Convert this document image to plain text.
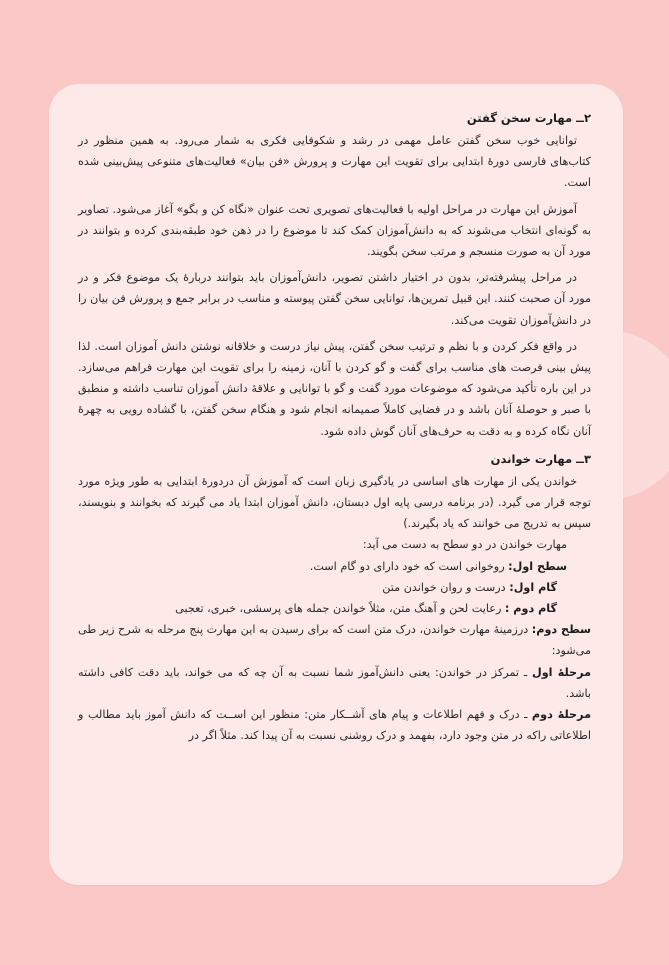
۲ــ مهارت سخن گفتن

توانایی خوب سخن گفتن عامل مهمی در رشد و شکوفایی فکری به شمار می‌رود. به همین منظور در کتاب‌های فارسی دورهٔ ابتدایی برای تقویت این مهارت و پرورش «فن بیان» فعالیت‌های متنوعی پیش‌بینی شده است.

آموزش این مهارت در مراحل اولیه با فعالیت‌های تصویری تحت عنوان «نگاه کن و بگو» آغاز می‌شود. تصاویر به گونه‌ای انتخاب می‌شوند که به دانش‌آموزان کمک کند تا موضوع را در ذهن خود طبقه‌بندی کرده و بتوانند در مورد آن به صورت منسجم و مرتب سخن بگویند.

در مراحل پیشرفته‌تر، بدون در اختیار داشتن تصویر، دانش‌آموزان باید بتوانند دربارهٔ یک موضوع فکر و در مورد آن صحبت کنند. این قبیل تمرین‌ها، توانایی سخن گفتن پیوسته و مناسب در برابر جمع و پرورش فن بیان را در دانش‌آموزان تقویت می‌کند.

در واقع فکر کردن و با نظم و ترتیب سخن گفتن، پیش نیاز درست و خلاقانه نوشتن دانش آموزان است. لذا پیش بینی فرصت های مناسب برای گفت و گو کردن با آنان، زمینه را برای تقویت این مهارت فراهم می‌سازد. در این باره تأکید می‌شود که موضوعات مورد گفت و گو با توانایی و علاقهٔ دانش آموزان تناسب داشته و منطبق با صبر و حوصلهٔ آنان باشد و در فضایی کاملاً صمیمانه انجام شود و هنگام سخن گفتن، با گشاده رویی به چهرهٔ آنان نگاه کرده و به دقت به حرف‌های آنان گوش داده شود.

۳ــ مهارت خواندن

خواندن یکی از مهارت های اساسی در یادگیری زبان است که آموزش آن دردورهٔ ابتدایی به طور ویژه مورد توجه قرار می گیرد. (در برنامه درسی پایه اول دبستان، دانش آموزان ابتدا یاد می گیرند که بخوانند و بنویسند، سپس به تدریج می خوانند که یاد بگیرند.)

مهارت خواندن در دو سطح به دست می آید:

سطح اول: روخوانی است که خود دارای دو گام است.

گام اول: درست و روان خواندن متن

گام دوم : رعایت لحن و آهنگ متن، مثلاً خواندن جمله های پرسشی، خبری، تعجبی

سطح دوم: درزمینهٔ مهارت خواندن، درک متن است که برای رسیدن به این مهارت پنج مرحله به شرح زیر طی می‌شود:

مرحلهٔ اول ـ تمرکز در خواندن: یعنی دانش‌آموز شما نسبت به آن چه که می خواند، باید دقت کافی داشته باشد.

مرحلهٔ دوم ـ درک و فهم اطلاعات و پیام های آشــکار متن: منظور این اســت که دانش آموز باید مطالب و اطلاعاتی راکه در متن وجود دارد، بفهمد و درک روشنی نسبت به آن پیدا کند. مثلاً اگر در
